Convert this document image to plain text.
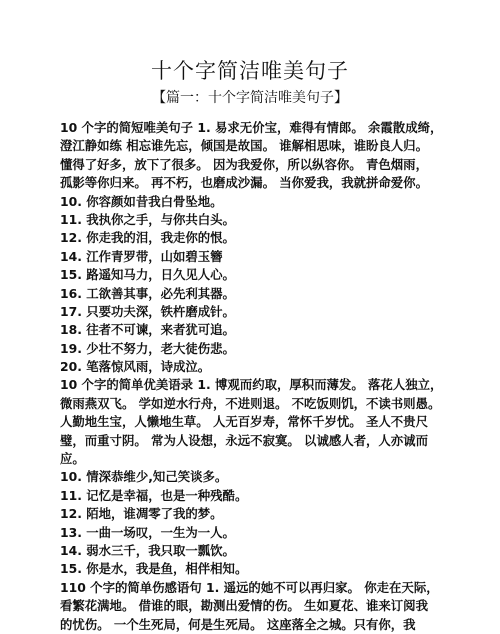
十个字简洁唯美句子
【篇一：十个字简洁唯美句子】
10 个字的简短唯美句子 1. 易求无价宝，难得有情郎。 余霞散成绮，
澄江静如练 相忘谁先忘，倾国是故国。 谁解相思味，谁盼良人归。
懂得了好多，放下了很多。 因为我爱你，所以纵容你。 青色烟雨，
孤影等你归来。 再不朽，也磨成沙漏。 当你爱我，我就拼命爱你。
10. 你容颜如昔我白骨坠地。
11. 我执你之手，与你共白头。
12. 你走我的泪，我走你的恨。
14. 江作青罗带，山如碧玉簪
15. 路遥知马力，日久见人心。
16. 工欲善其事，必先利其器。
17. 只要功夫深，铁杵磨成针。
18. 往者不可谏，来者犹可追。
19. 少壮不努力，老大徒伤悲。
20. 笔落惊风雨，诗成泣。
10 个字的简单优美语录 1. 博观而约取，厚积而薄发。 落花人独立，
微雨燕双飞。 学如逆水行舟，不进则退。 不吃饭则饥，不读书则愚。
人勤地生宝，人懒地生草。 人无百岁寿，常怀千岁忧。 圣人不贵尺
璧，而重寸阴。 常为人设想，永远不寂寞。 以诚感人者，人亦诚而
应。
10. 情深恭维少,知己笑谈多。
11. 记忆是幸福，也是一种残酷。
12. 陌地，谁凋零了我的梦。
13. 一曲一场叹，一生为一人。
14. 弱水三千，我只取一瓢饮。
15. 你是水，我是鱼，相伴相知。
110 个字的简单伤感语句 1. 遥远的她不可以再归家。 你走在天际，
看繁花满地。 借谁的眼，勘测出爱情的伤。 生如夏花、谁来订阅我
的忧伤。 一个生死局，何是生死局。 这座落全之城。只有你，我
